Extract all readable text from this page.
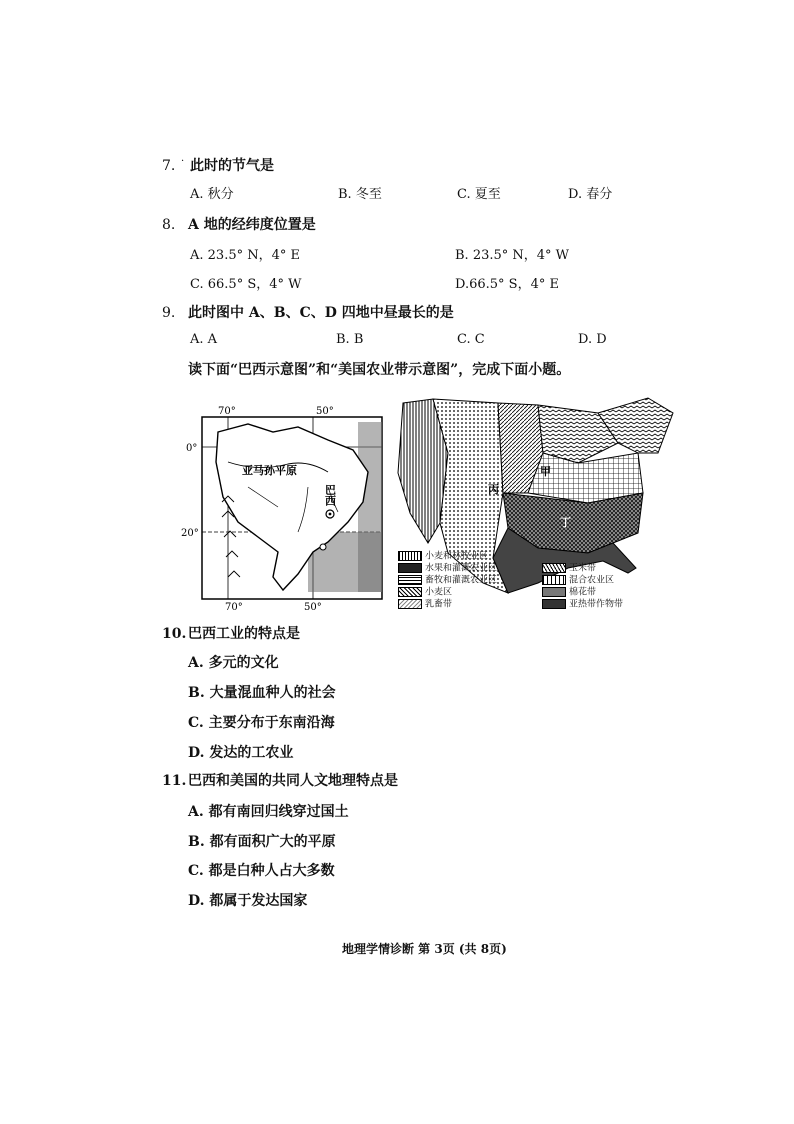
7. · 此时的节气是
A. 秋分	B. 冬至	C. 夏至	D. 春分
8. A 地的经纬度位置是
A. 23.5° N，4° E	B. 23.5° N，4° W
C. 66.5° S，4° W	D.66.5° S，4° E
9. 此时图中 A、B、C、D 四地中昼最长的是
A. A	B. B	C. C	D. D
读下面“巴西示意图”和“美国农业带示意图”，完成下面小题。
70°	50°
70°	50°
0°
20°
亚马孙平原
巴西
甲
丙
丁
小麦和林牧业区
水果和灌溉农业区
畜牧和灌溉农业区
小麦区
乳畜带
玉米带
混合农业区
棉花带
亚热带作物带
10. 巴西工业的特点是
A. 多元的文化
B. 大量混血种人的社会
C. 主要分布于东南沿海
D. 发达的工农业
11. 巴西和美国的共同人文地理特点是
A. 都有南回归线穿过国土
B. 都有面积广大的平原
C. 都是白种人占大多数
D. 都属于发达国家
地理学情诊断 第 3页 (共 8页)
